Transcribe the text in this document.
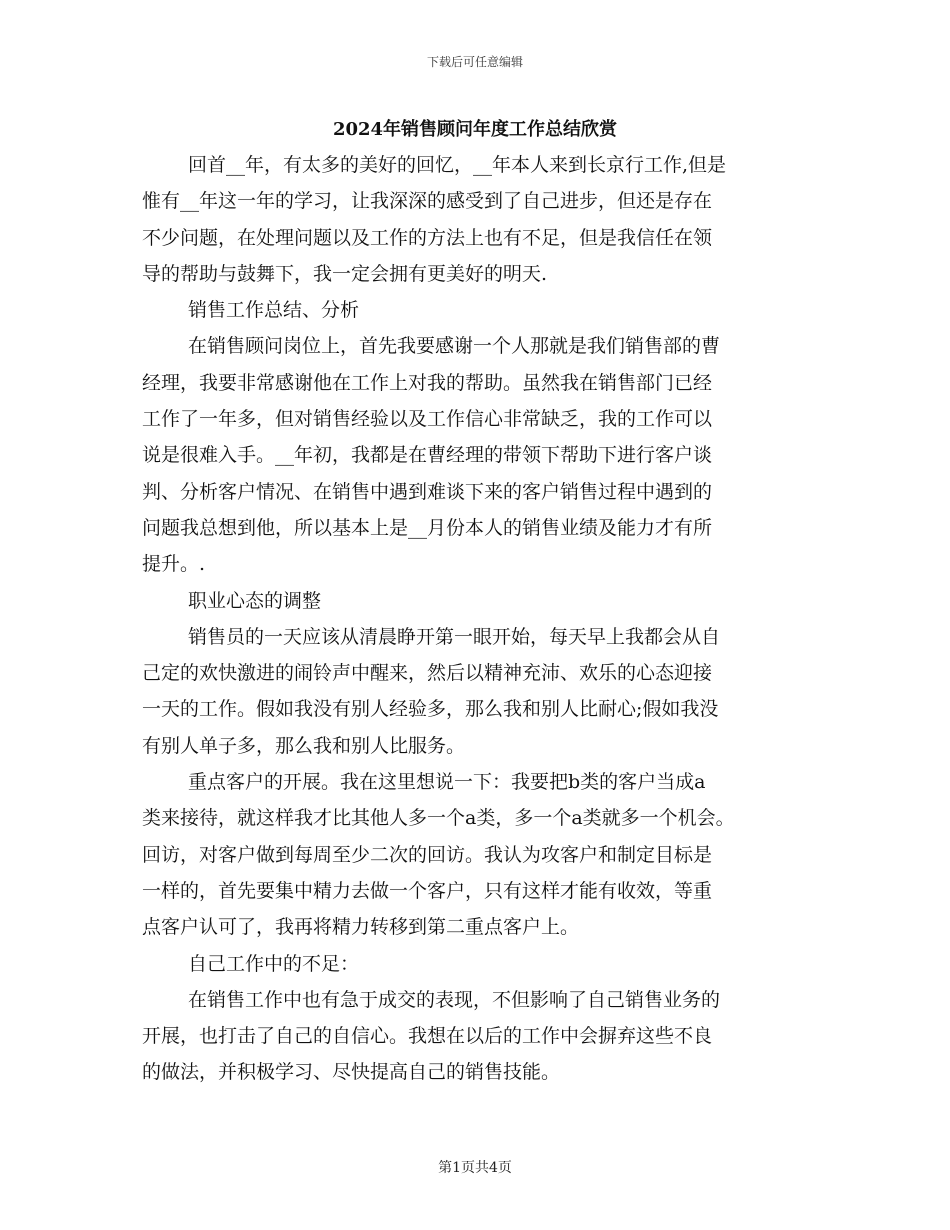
下载后可任意编辑
2024年销售顾问年度工作总结欣赏
回首__年，有太多的美好的回忆，__年本人来到长京行工作,但是
惟有__年这一年的学习，让我深深的感受到了自己进步，但还是存在
不少问题，在处理问题以及工作的方法上也有不足，但是我信任在领
导的帮助与鼓舞下，我一定会拥有更美好的明天.
销售工作总结、分析
在销售顾问岗位上，首先我要感谢一个人那就是我们销售部的曹
经理，我要非常感谢他在工作上对我的帮助。虽然我在销售部门已经
工作了一年多，但对销售经验以及工作信心非常缺乏，我的工作可以
说是很难入手。__年初，我都是在曹经理的带领下帮助下进行客户谈
判、分析客户情况、在销售中遇到难谈下来的客户销售过程中遇到的
问题我总想到他，所以基本上是__月份本人的销售业绩及能力才有所
提升。.
职业心态的调整
销售员的一天应该从清晨睁开第一眼开始，每天早上我都会从自
己定的欢快激进的闹铃声中醒来，然后以精神充沛、欢乐的心态迎接
一天的工作。假如我没有别人经验多，那么我和别人比耐心;假如我没
有别人单子多，那么我和别人比服务。
重点客户的开展。我在这里想说一下：我要把b类的客户当成a
类来接待，就这样我才比其他人多一个a类，多一个a类就多一个机会。
回访，对客户做到每周至少二次的回访。我认为攻客户和制定目标是
一样的，首先要集中精力去做一个客户，只有这样才能有收效，等重
点客户认可了，我再将精力转移到第二重点客户上。
自己工作中的不足：
在销售工作中也有急于成交的表现，不但影响了自己销售业务的
开展，也打击了自己的自信心。我想在以后的工作中会摒弃这些不良
的做法，并积极学习、尽快提高自己的销售技能。
第1页共4页
